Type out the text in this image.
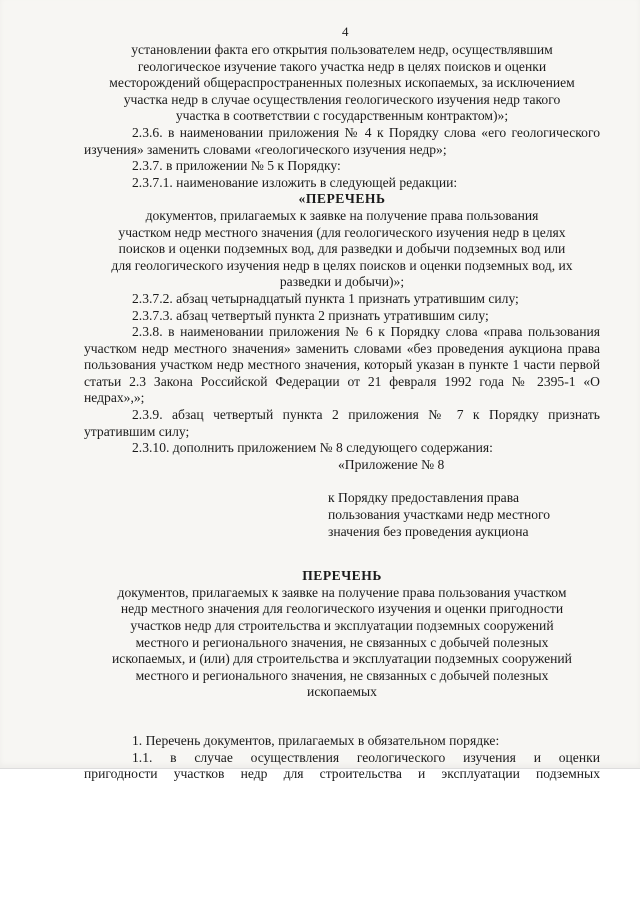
4

установлении факта его открытия пользователем недр, осуществлявшим

геологическое изучение такого участка недр в целях поисков и оценки

месторождений общераспространенных полезных ископаемых, за исключением

участка недр в случае осуществления геологического изучения недр такого

участка в соответствии с государственным контрактом)»;

2.3.6. в наименовании приложения № 4 к Порядку слова «его геологического изучения» заменить словами «геологического изучения недр»;

2.3.7. в приложении № 5 к Порядку:

2.3.7.1. наименование изложить в следующей редакции:

«ПЕРЕЧЕНЬ

документов, прилагаемых к заявке на получение права пользования

участком недр местного значения (для геологического изучения недр в целях

поисков и оценки подземных вод, для разведки и добычи подземных вод или

для геологического изучения недр в целях поисков и оценки подземных вод, их

разведки и добычи)»;

2.3.7.2. абзац четырнадцатый пункта 1 признать утратившим силу;

2.3.7.3. абзац четвертый пункта 2 признать утратившим силу;

2.3.8. в наименовании приложения № 6 к Порядку слова «права пользования участком недр местного значения» заменить словами «без проведения аукциона права пользования участком недр местного значения, который указан в пункте 1 части первой статьи 2.3 Закона Российской Федерации от 21 февраля 1992 года № 2395-1 «О недрах»,»;

2.3.9. абзац четвертый пункта 2 приложения № 7 к Порядку признать утратившим силу;

2.3.10. дополнить приложением № 8 следующего содержания:

«Приложение № 8

к Порядку предоставления права

пользования участками недр местного

значения без проведения аукциона

ПЕРЕЧЕНЬ

документов, прилагаемых к заявке на получение права пользования участком

недр местного значения для геологического изучения и оценки пригодности

участков недр для строительства и эксплуатации подземных сооружений

местного и регионального значения, не связанных с добычей полезных

ископаемых, и (или) для строительства и эксплуатации подземных сооружений

местного и регионального значения, не связанных с добычей полезных

ископаемых

1. Перечень документов, прилагаемых в обязательном порядке:

1.1. в случае осуществления геологического изучения и оценки

пригодности участков недр для строительства и эксплуатации подземных
